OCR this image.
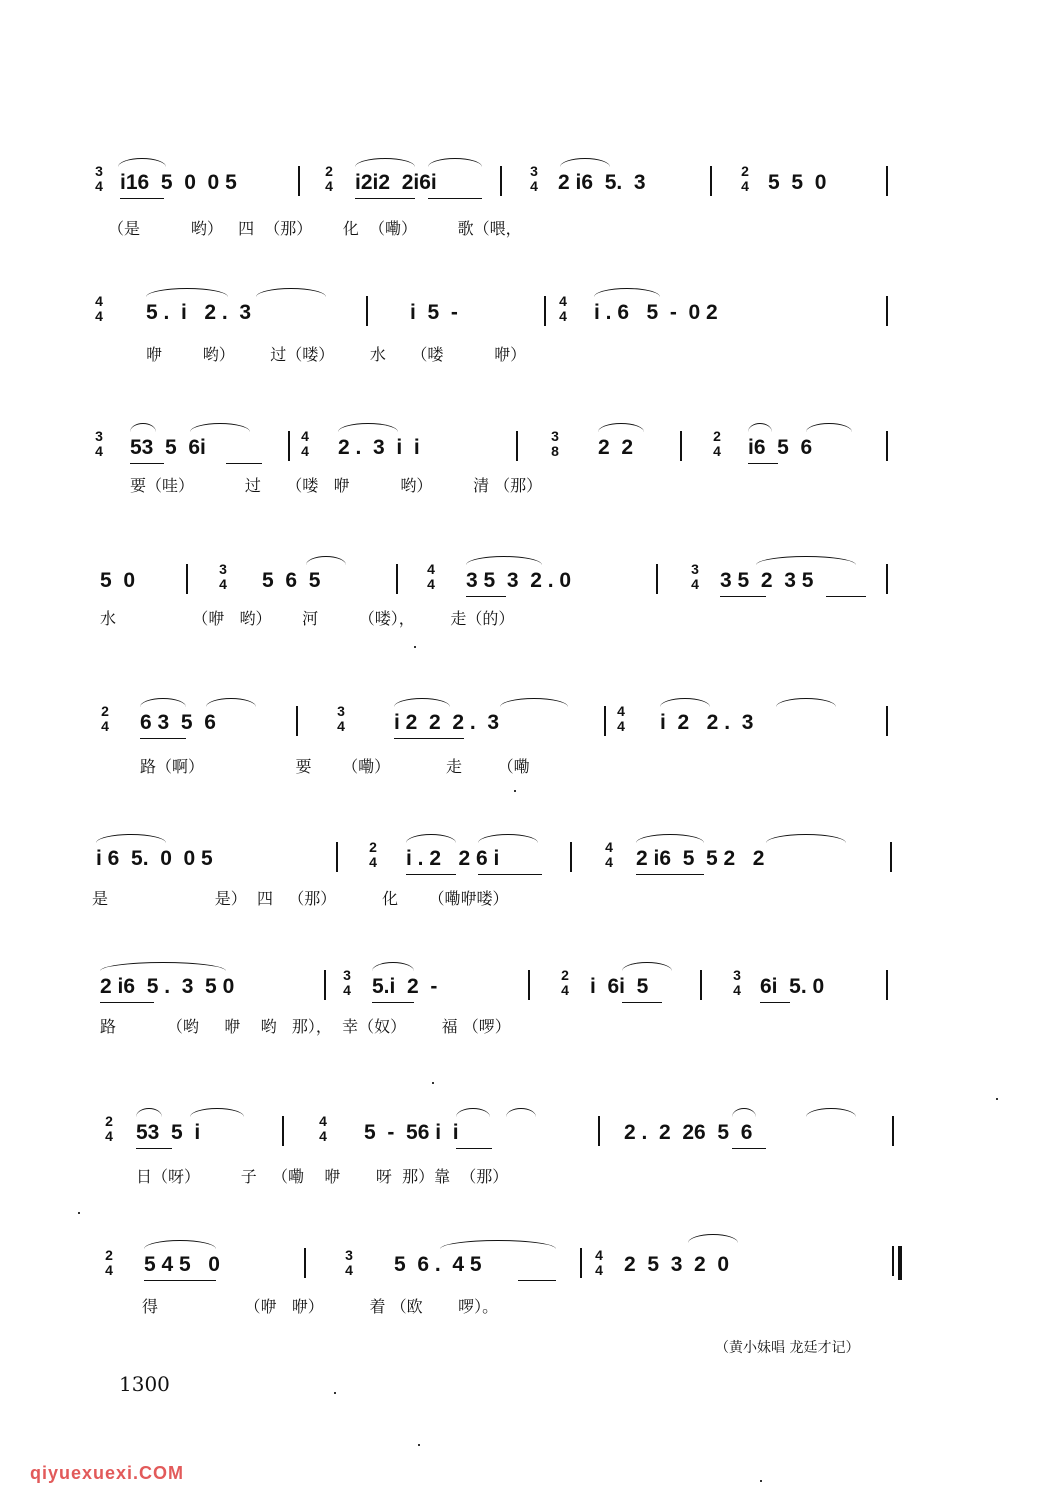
3
4 i16  5  0  0 5	2
4 i2i2  2i6i	3
4 2 i6  5.  3	2
4 5  5  0
（是          哟）   四  （那）      化  （嘞）        歌（喂，
4
4 5 .  i   2 .  3	i  5  -	4
4 i . 6   5  -  0 2
咿        哟）       过（喽）       水     （喽          咿）
3
4 53  5  6i	4
4 2 .  3  i  i	3
8 2  2	2
4 i6  5  6
要（哇）          过     （喽   咿          哟）        清 （那）
5  0	3
4 5  6  5	4
4 3 5  3  2 . 0	3
4 3 5  2  3 5
水               （咿   哟）      河        （喽），       走（的）
2
4 6 3  5  6	3
4 i 2  2  2 .  3	4
4 i  2   2 .  3
路（啊）                  要      （嘞）           走       （嘞
i 6  5.  0  0 5	2
4 i . 2   2 6 i	4
4 2 i6  5  5 2   2
是                     是）  四   （那）         化      （嘞咿喽）
2 i6  5 .  3  5 0	3
4 5.i  2  -	2
4 i  6i  5	3
4 6i  5. 0
路          （哟     咿    哟   那），  幸（奴）       福 （啰）
2
4 53  5  i	4
4 5  -  56 i  i	2 .  2  26  5  6
日（呀）        子   （嘞    咿       呀  那）靠  （那）
2
4 5 4 5   0	3
4 5  6 .  4 5	4
4 2  5  3  2  0
得                 （咿   咿）         着 （欧       啰）。
（黄小妹唱 龙廷才记）
1300
qiyuexuexi.COM
